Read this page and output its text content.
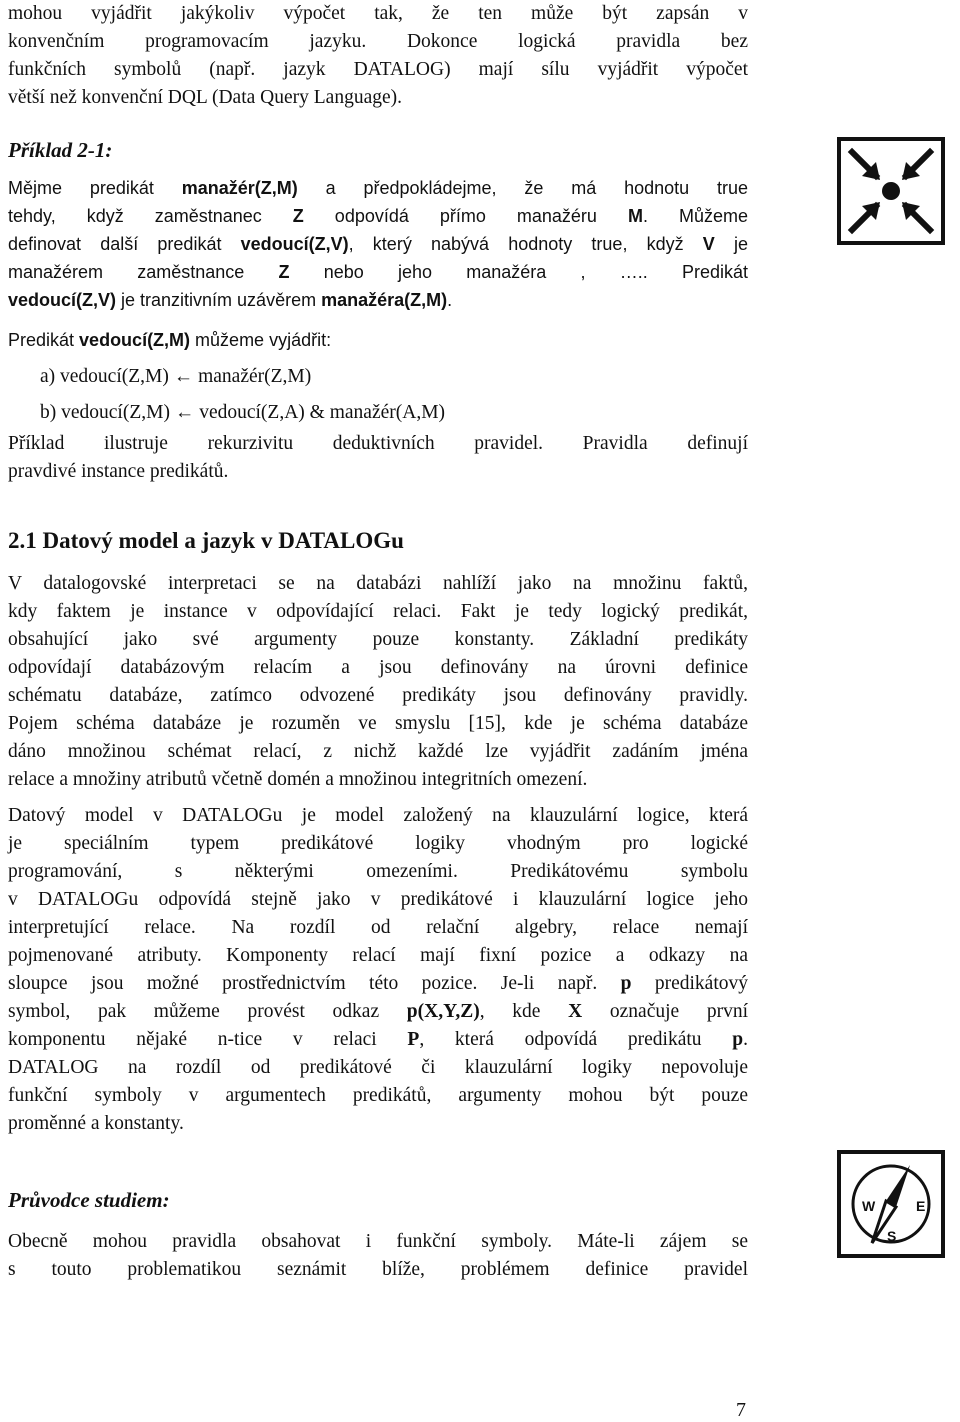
mohou vyjádřit jakýkoliv výpočet tak, že ten může být zapsán v

konvenčním programovacím jazyku. Dokonce logická pravidla bez

funkčních symbolů (např. jazyk DATALOG) mají sílu vyjádřit výpočet

větší než konvenční DQL (Data Query Language).

Příklad 2-1:

Mějme predikát manažér(Z,M) a předpokládejme, že má hodnotu true

tehdy, když zaměstnanec Z odpovídá přímo manažéru M. Můžeme

definovat další predikát vedoucí(Z,V), který nabývá hodnoty true, když V je

manažérem zaměstnance Z nebo jeho manažéra , ….. Predikát

vedoucí(Z,V) je tranzitivním uzávěrem manažéra(Z,M).

Predikát vedoucí(Z,M) můžeme vyjádřit:

a) vedoucí(Z,M) ← manažér(Z,M)

b) vedoucí(Z,M) ← vedoucí(Z,A) & manažér(A,M)

Příklad ilustruje rekurzivitu deduktivních pravidel. Pravidla definují

pravdivé instance predikátů.

2.1 Datový model a jazyk v DATALOGu

V datalogovské interpretaci se na databázi nahlíží jako na množinu faktů,

kdy faktem je instance v odpovídající relaci. Fakt je tedy logický predikát,

obsahující jako své argumenty pouze konstanty. Základní predikáty

odpovídají databázovým relacím a jsou definovány na úrovni definice

schématu databáze, zatímco odvozené predikáty jsou definovány pravidly.

Pojem schéma databáze je rozuměn ve smyslu [15], kde je schéma databáze

dáno množinou schémat relací, z nichž každé lze vyjádřit zadáním jména

relace a množiny atributů včetně domén a množinou integritních omezení.

Datový model v DATALOGu je model založený na klauzulární logice, která

je speciálním typem predikátové logiky vhodným pro logické

programování, s některými omezeními. Predikátovému symbolu

v DATALOGu odpovídá stejně jako v predikátové i klauzulární logice jeho

interpretující relace. Na rozdíl od relační algebry, relace nemají

pojmenované atributy. Komponenty relací mají fixní pozice a odkazy na

sloupce jsou možné prostřednictvím této pozice. Je-li např. p predikátový

symbol, pak můžeme provést odkaz p(X,Y,Z), kde X označuje první

komponentu nějaké n-tice v relaci P, která odpovídá predikátu p.

DATALOG na rozdíl od predikátové či klauzulární logiky nepovoluje

funkční symboly v argumentech predikátů, argumenty mohou být pouze

proměnné a konstanty.

Průvodce studiem:

Obecně mohou pravidla obsahovat i funkční symboly. Máte-li zájem se

s touto problematikou seznámit blíže, problémem definice pravidel

W	E
S
7
